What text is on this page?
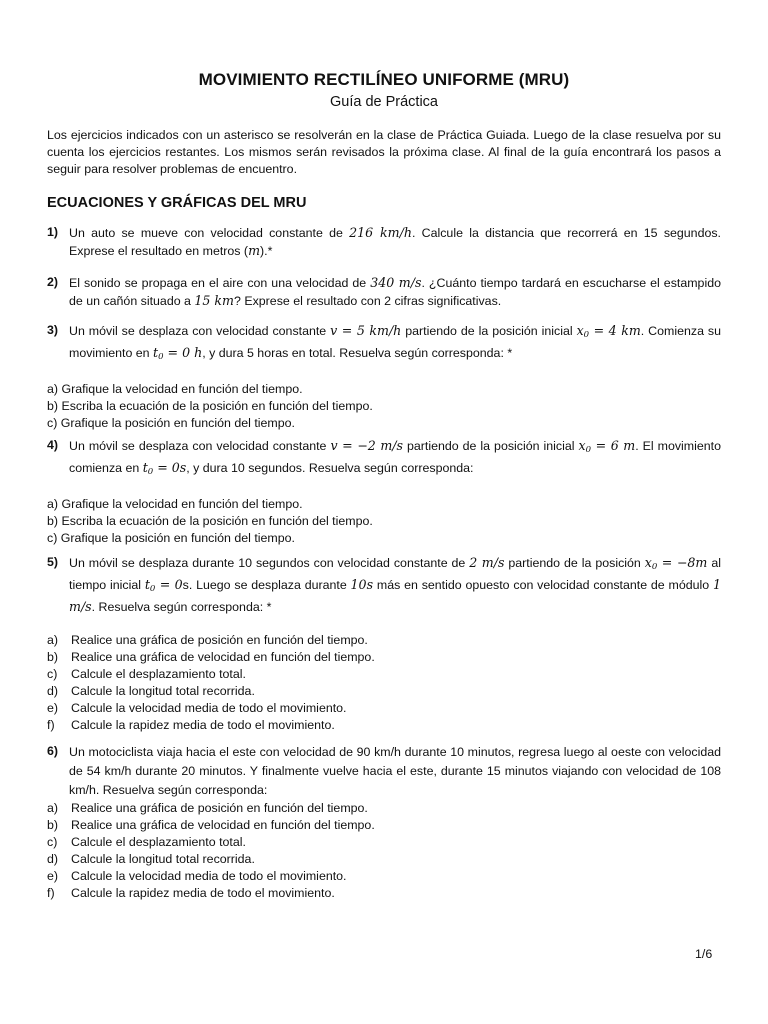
MOVIMIENTO RECTILÍNEO UNIFORME (MRU)
Guía de Práctica
Los ejercicios indicados con un asterisco se resolverán en la clase de Práctica Guiada. Luego de la clase resuelva por su cuenta los ejercicios restantes. Los mismos serán revisados la próxima clase. Al final de la guía encontrará los pasos a seguir para resolver problemas de encuentro.
ECUACIONES Y GRÁFICAS DEL MRU
1) Un auto se mueve con velocidad constante de 216 km/h. Calcule la distancia que recorrerá en 15 segundos. Exprese el resultado en metros (m).*
2) El sonido se propaga en el aire con una velocidad de 340 m/s. ¿Cuánto tiempo tardará en escucharse el estampido de un cañón situado a 15 km? Exprese el resultado con 2 cifras significativas.
3) Un móvil se desplaza con velocidad constante v = 5 km/h partiendo de la posición inicial $x_0 = 4$ km. Comienza su movimiento en $t_0 = 0$ h, y dura 5 horas en total. Resuelva según corresponda: *
a) Grafique la velocidad en función del tiempo.
b) Escriba la ecuación de la posición en función del tiempo.
c) Grafique la posición en función del tiempo.
4) Un móvil se desplaza con velocidad constante v = −2 m/s partiendo de la posición inicial $x_0 = 6$ m. El movimiento comienza en $t_0 = 0s$, y dura 10 segundos. Resuelva según corresponda:
a) Grafique la velocidad en función del tiempo.
b) Escriba la ecuación de la posición en función del tiempo.
c) Grafique la posición en función del tiempo.
5) Un móvil se desplaza durante 10 segundos con velocidad constante de 2 m/s partiendo de la posición $x_0 = -8m$ al tiempo inicial $t_0 = 0s$. Luego se desplaza durante 10s más en sentido opuesto con velocidad constante de módulo 1 m/s. Resuelva según corresponda: *
a) Realice una gráfica de posición en función del tiempo.
b) Realice una gráfica de velocidad en función del tiempo.
c) Calcule el desplazamiento total.
d) Calcule la longitud total recorrida.
e) Calcule la velocidad media de todo el movimiento.
f) Calcule la rapidez media de todo el movimiento.
6) Un motociclista viaja hacia el este con velocidad de 90 km/h durante 10 minutos, regresa luego al oeste con velocidad de 54 km/h durante 20 minutos. Y finalmente vuelve hacia el este, durante 15 minutos viajando con velocidad de 108 km/h. Resuelva según corresponda:
a) Realice una gráfica de posición en función del tiempo.
b) Realice una gráfica de velocidad en función del tiempo.
c) Calcule el desplazamiento total.
d) Calcule la longitud total recorrida.
e) Calcule la velocidad media de todo el movimiento.
f) Calcule la rapidez media de todo el movimiento.
1/6
